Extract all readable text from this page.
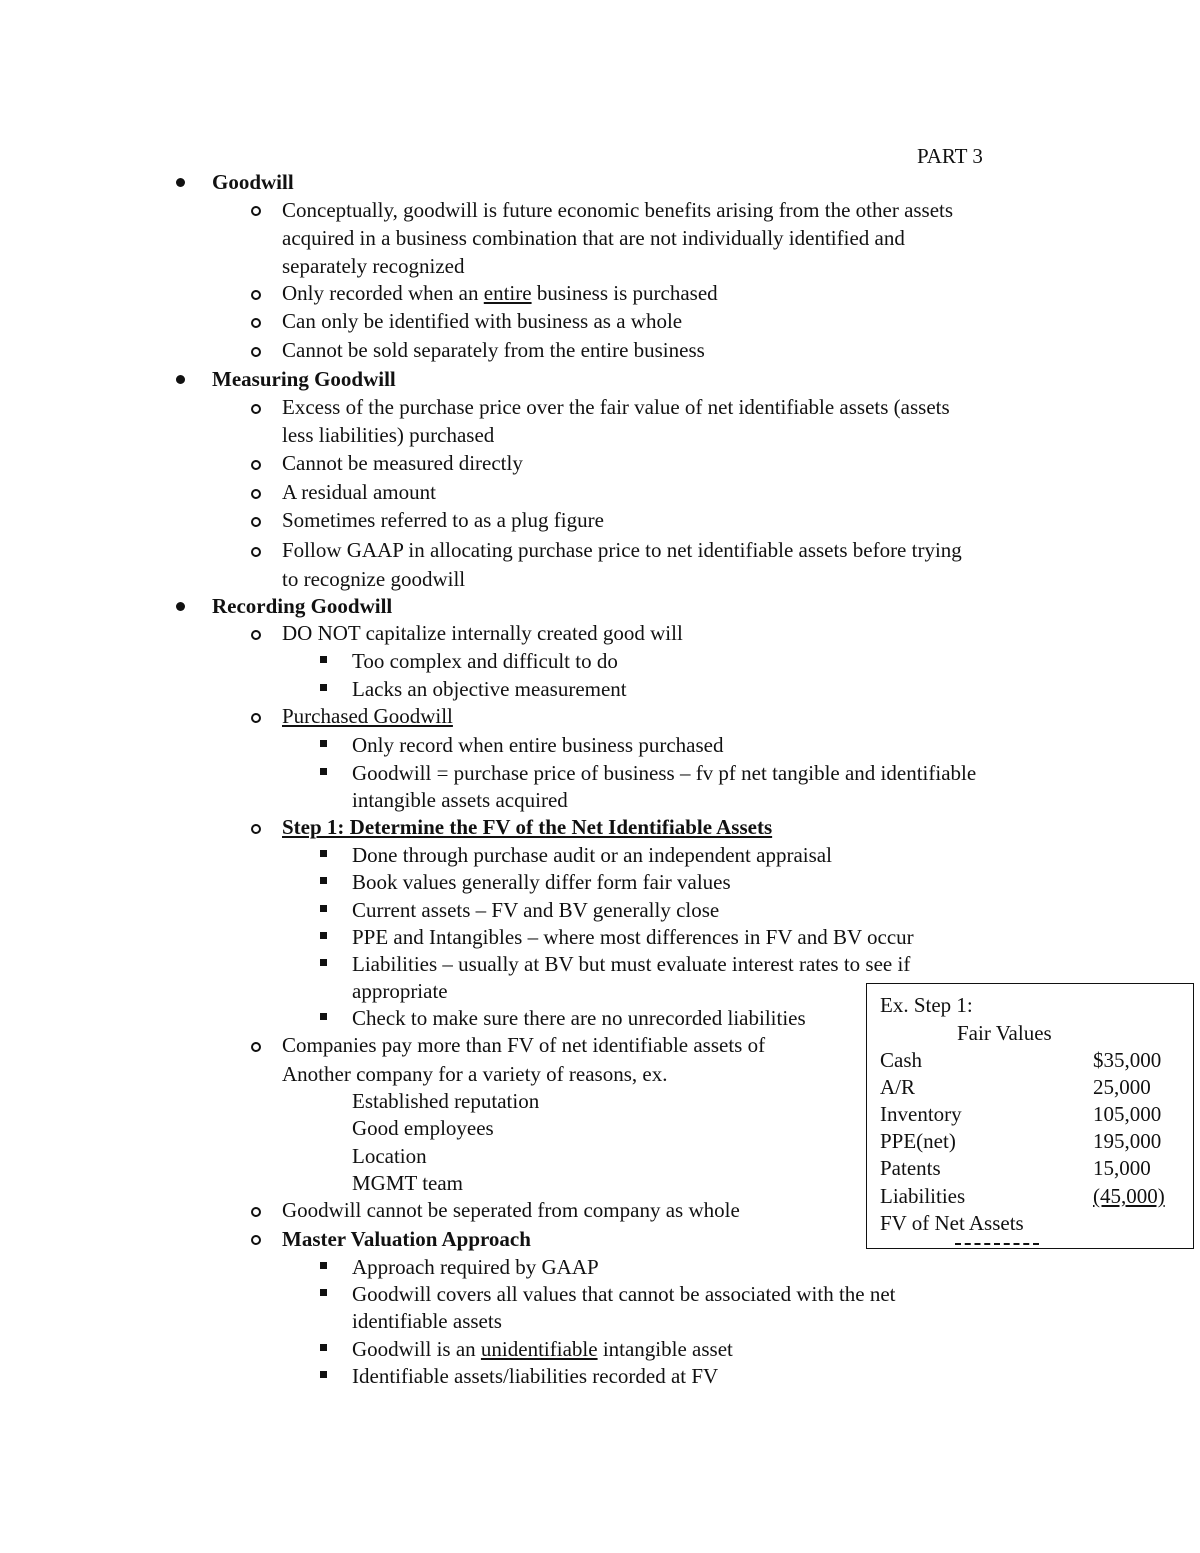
PART 3
Goodwill
Conceptually, goodwill is future economic benefits arising from the other assets
acquired in a business combination that are not individually identified and
separately recognized
Only recorded when an entire business is purchased
Can only be identified with business as a whole
Cannot be sold separately from the entire business
Measuring Goodwill
Excess of the purchase price over the fair value of net identifiable assets (assets
less liabilities) purchased
Cannot be measured directly
A residual amount
Sometimes referred to as a plug figure
Follow GAAP in allocating purchase price to net identifiable assets before trying
to recognize goodwill
Recording Goodwill
DO NOT capitalize internally created good will
Too complex and difficult to do
Lacks an objective measurement
Purchased Goodwill
Only record when entire business purchased
Goodwill = purchase price of business – fv pf net tangible and identifiable
intangible assets acquired
Step 1: Determine the FV of the Net Identifiable Assets
Done through purchase audit or an independent appraisal
Book values generally differ form fair values
Current assets – FV and BV generally close
PPE and Intangibles – where most differences in FV and BV occur
Liabilities – usually at BV but must evaluate interest rates to see if
appropriate
Check to make sure there are no unrecorded liabilities
Companies pay more than FV of net identifiable assets of
Another company for a variety of reasons, ex.
Established reputation
Good employees
Location
MGMT team
Goodwill cannot be seperated from company as whole
Master Valuation Approach
Approach required by GAAP
Goodwill covers all values that cannot be associated with the net
identifiable assets
Goodwill is an unidentifiable intangible asset
Identifiable assets/liabilities recorded at FV
Ex. Step 1:
Fair Values
Cash	$35,000
A/R	25,000
Inventory	105,000
PPE(net)	195,000
Patents	15,000
Liabilities	(45,000)
FV of Net Assets
